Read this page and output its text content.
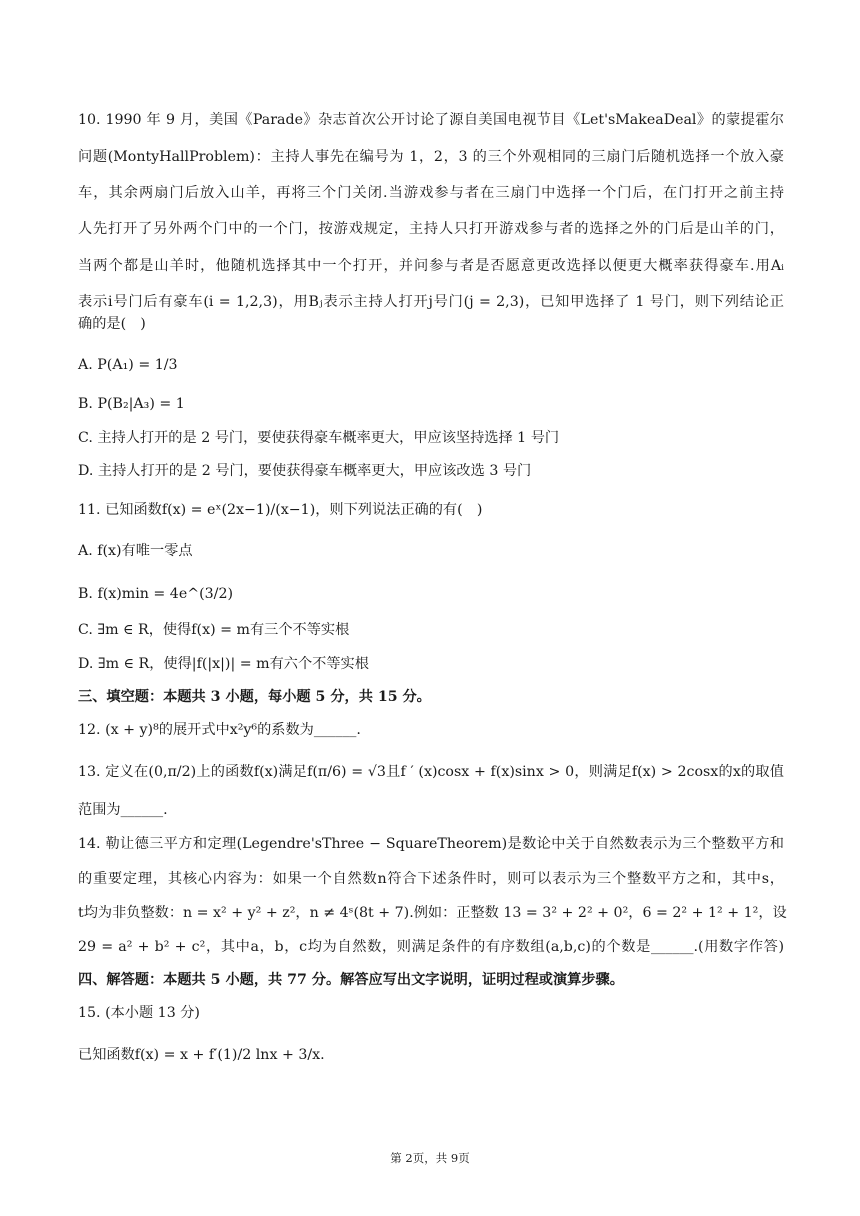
10. 1990 年 9 月，美国《Parade》杂志首次公开讨论了源自美国电视节目《Let'sMakeaDeal》的蒙提霍尔
问题(MontyHallProblem)：主持人事先在编号为 1，2，3 的三个外观相同的三扇门后随机选择一个放入豪
车，其余两扇门后放入山羊，再将三个门关闭.当游戏参与者在三扇门中选择一个门后，在门打开之前主持
人先打开了另外两个门中的一个门，按游戏规定，主持人只打开游戏参与者的选择之外的门后是山羊的门，
当两个都是山羊时，他随机选择其中一个打开，并问参与者是否愿意更改选择以便更大概率获得豪车.用Aᵢ
表示i号门后有豪车(i = 1,2,3)，用Bⱼ表示主持人打开j号门(j = 2,3)，已知甲选择了 1 号门，则下列结论正
确的是(　)
A. P(A₁) = 1/3
B. P(B₂|A₃) = 1
C. 主持人打开的是 2 号门，要使获得豪车概率更大，甲应该坚持选择 1 号门
D. 主持人打开的是 2 号门，要使获得豪车概率更大，甲应该改选 3 号门
11. 已知函数f(x) = eˣ(2x−1)/(x−1)，则下列说法正确的有(　)
A. f(x)有唯一零点
B. f(x)min = 4e^(3/2)
C. ∃m ∈ R，使得f(x) = m有三个不等实根
D. ∃m ∈ R，使得|f(|x|)| = m有六个不等实根
三、填空题：本题共 3 小题，每小题 5 分，共 15 分。
12. (x + y)⁸的展开式中x²y⁶的系数为______.
13. 定义在(0,π/2)上的函数f(x)满足f(π/6) = √3且f ′ (x)cosx + f(x)sinx > 0，则满足f(x) > 2cosx的x的取值
范围为______.
14. 勒让德三平方和定理(Legendre'sThree − SquareTheorem)是数论中关于自然数表示为三个整数平方和
的重要定理，其核心内容为：如果一个自然数n符合下述条件时，则可以表示为三个整数平方之和，其中s，
t均为非负整数：n = x² + y² + z²，n ≠ 4ˢ(8t + 7).例如：正整数 13 = 3² + 2² + 0²，6 = 2² + 1² + 1²，设
29 = a² + b² + c²，其中a，b，c均为自然数，则满足条件的有序数组(a,b,c)的个数是______.(用数字作答)
四、解答题：本题共 5 小题，共 77 分。解答应写出文字说明，证明过程或演算步骤。
15. (本小题 13 分)
已知函数f(x) = x + f′(1)/2 lnx + 3/x.
第 2页，共 9页
